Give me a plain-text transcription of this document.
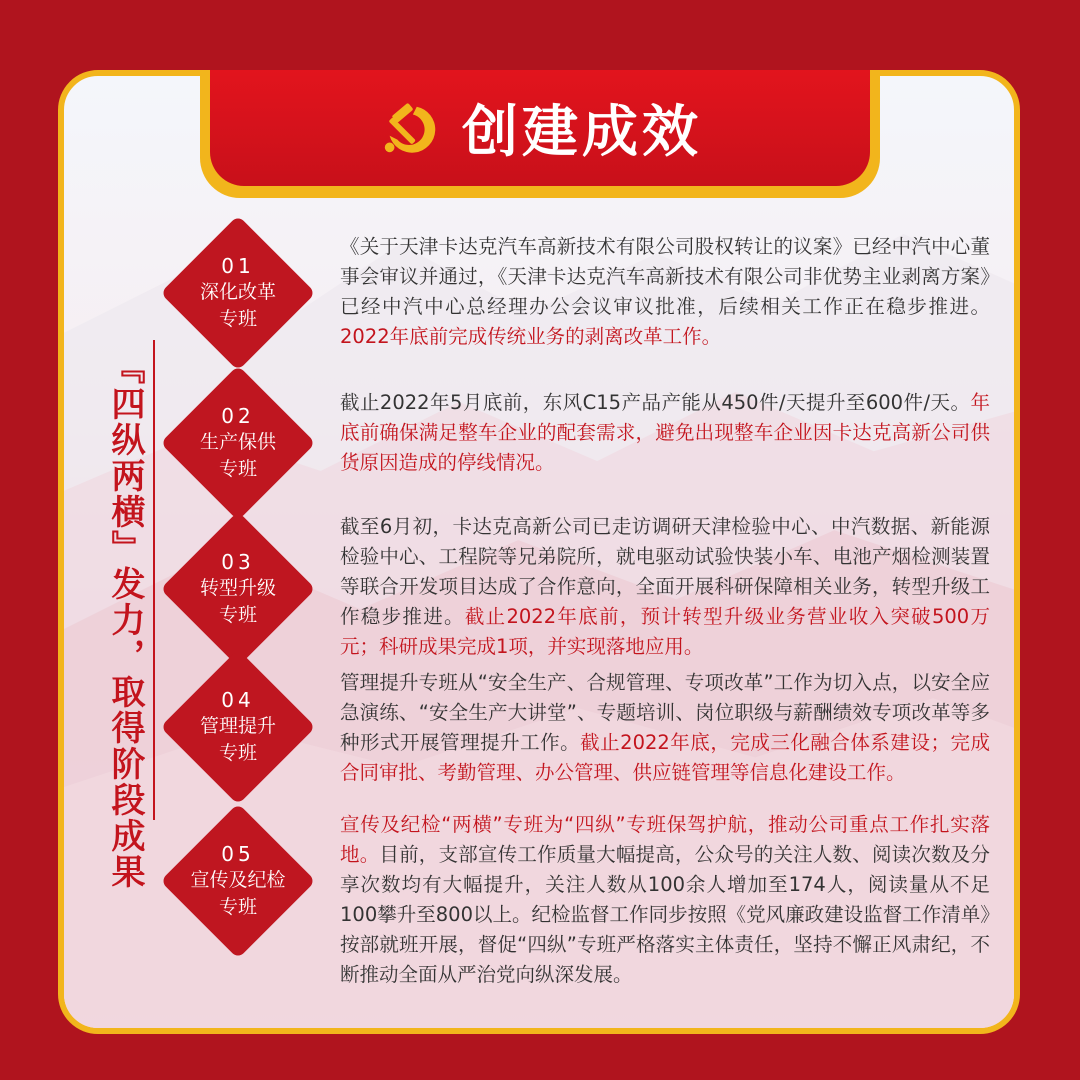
创建成效
『四纵两横』发力，取得阶段成果
01
深化改革
专班
《关于天津卡达克汽车高新技术有限公司股权转让的议案》已经中汽中心董事会审议并通过，《天津卡达克汽车高新技术有限公司非优势主业剥离方案》已经中汽中心总经理办公会议审议批准，后续相关工作正在稳步推进。2022年底前完成传统业务的剥离改革工作。
02
生产保供
专班
截止2022年5月底前，东风C15产品产能从450件/天提升至600件/天。年底前确保满足整车企业的配套需求，避免出现整车企业因卡达克高新公司供货原因造成的停线情况。
03
转型升级
专班
截至6月初，卡达克高新公司已走访调研天津检验中心、中汽数据、新能源检验中心、工程院等兄弟院所，就电驱动试验快装小车、电池产烟检测装置等联合开发项目达成了合作意向，全面开展科研保障相关业务，转型升级工作稳步推进。截止2022年底前，预计转型升级业务营业收入突破500万元；科研成果完成1项，并实现落地应用。
04
管理提升
专班
管理提升专班从“安全生产、合规管理、专项改革”工作为切入点，以安全应急演练、“安全生产大讲堂”、专题培训、岗位职级与薪酬绩效专项改革等多种形式开展管理提升工作。截止2022年底，完成三化融合体系建设；完成合同审批、考勤管理、办公管理、供应链管理等信息化建设工作。
05
宣传及纪检
专班
宣传及纪检“两横”专班为“四纵”专班保驾护航，推动公司重点工作扎实落地。目前，支部宣传工作质量大幅提高，公众号的关注人数、阅读次数及分享次数均有大幅提升，关注人数从100余人增加至174人，阅读量从不足100攀升至800以上。纪检监督工作同步按照《党风廉政建设监督工作清单》按部就班开展，督促“四纵”专班严格落实主体责任，坚持不懈正风肃纪，不断推动全面从严治党向纵深发展。
